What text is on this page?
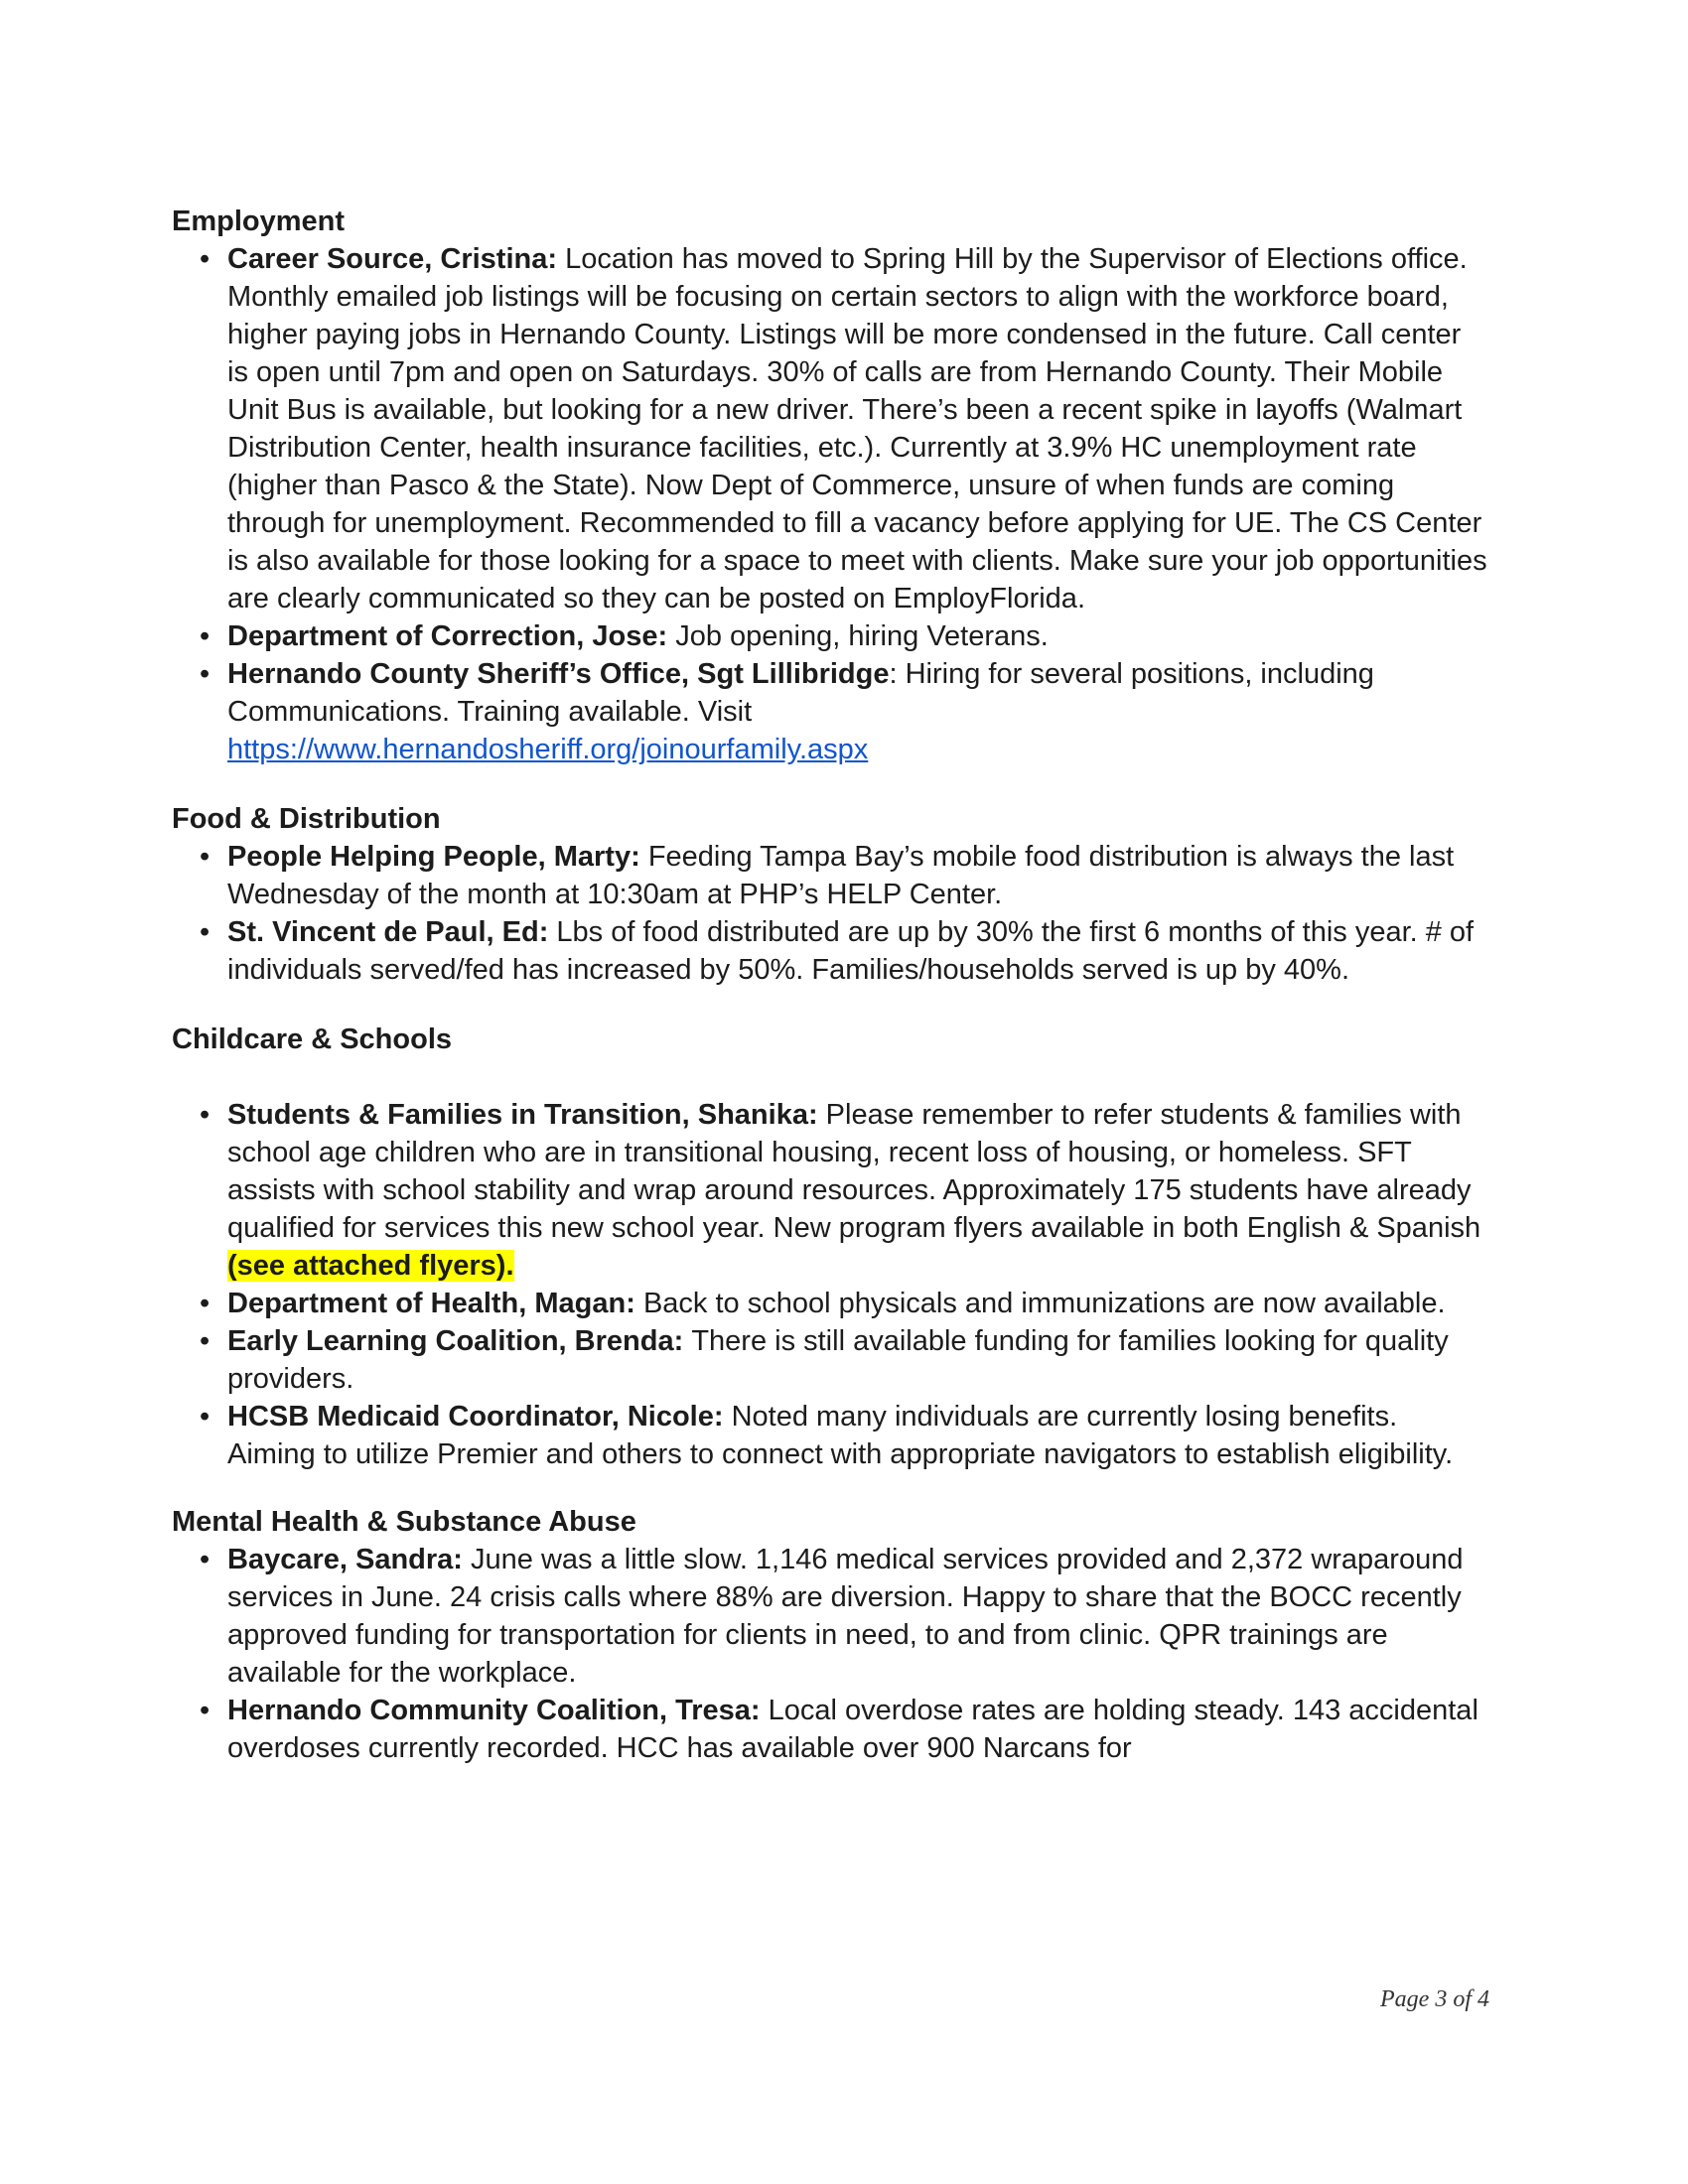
Employment
• Career Source, Cristina: Location has moved to Spring Hill by the Supervisor of Elections office. Monthly emailed job listings will be focusing on certain sectors to align with the workforce board, higher paying jobs in Hernando County. Listings will be more condensed in the future. Call center is open until 7pm and open on Saturdays. 30% of calls are from Hernando County. Their Mobile Unit Bus is available, but looking for a new driver. There’s been a recent spike in layoffs (Walmart Distribution Center, health insurance facilities, etc.). Currently at 3.9% HC unemployment rate (higher than Pasco & the State). Now Dept of Commerce, unsure of when funds are coming through for unemployment. Recommended to fill a vacancy before applying for UE. The CS Center is also available for those looking for a space to meet with clients. Make sure your job opportunities are clearly communicated so they can be posted on EmployFlorida.
• Department of Correction, Jose: Job opening, hiring Veterans.
• Hernando County Sheriff’s Office, Sgt Lillibridge: Hiring for several positions, including Communications. Training available. Visit
https://www.hernandosheriff.org/joinourfamily.aspx
Food & Distribution
• People Helping People, Marty: Feeding Tampa Bay’s mobile food distribution is always the last Wednesday of the month at 10:30am at PHP’s HELP Center.
• St. Vincent de Paul, Ed: Lbs of food distributed are up by 30% the first 6 months of this year. # of individuals served/fed has increased by 50%. Families/households served is up by 40%.
Childcare & Schools
• Students & Families in Transition, Shanika: Please remember to refer students & families with school age children who are in transitional housing, recent loss of housing, or homeless. SFT assists with school stability and wrap around resources. Approximately 175 students have already qualified for services this new school year. New program flyers available in both English & Spanish (see attached flyers).
• Department of Health, Magan: Back to school physicals and immunizations are now available.
• Early Learning Coalition, Brenda: There is still available funding for families looking for quality providers.
• HCSB Medicaid Coordinator, Nicole: Noted many individuals are currently losing benefits. Aiming to utilize Premier and others to connect with appropriate navigators to establish eligibility.
Mental Health & Substance Abuse
• Baycare, Sandra: June was a little slow. 1,146 medical services provided and 2,372 wraparound services in June. 24 crisis calls where 88% are diversion. Happy to share that the BOCC recently approved funding for transportation for clients in need, to and from clinic. QPR trainings are available for the workplace.
• Hernando Community Coalition, Tresa: Local overdose rates are holding steady. 143 accidental overdoses currently recorded. HCC has available over 900 Narcans for
Page 3 of 4
